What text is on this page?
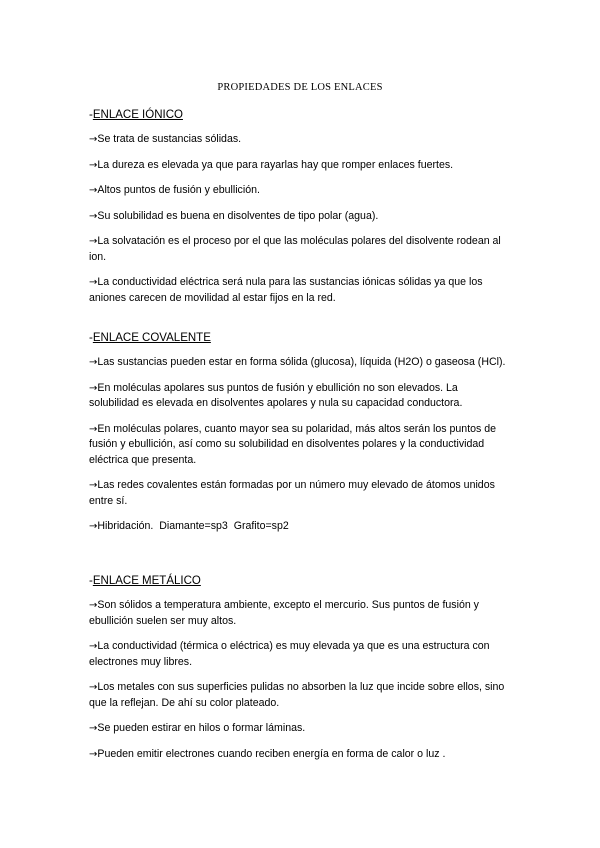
PROPIEDADES DE LOS ENLACES

-ENLACE IÓNICO

→Se trata de sustancias sólidas.

→La dureza es elevada ya que para rayarlas hay que romper enlaces fuertes.

→Altos puntos de fusión y ebullición.

→Su solubilidad es buena en disolventes de tipo polar (agua).

→La solvatación es el proceso por el que las moléculas polares del disolvente rodean al ion.

→La conductividad eléctrica será nula para las sustancias iónicas sólidas ya que los aniones carecen de movilidad al estar fijos en la red.

-ENLACE COVALENTE

→Las sustancias pueden estar en forma sólida (glucosa), líquida (H2O) o gaseosa (HCl).

→En moléculas apolares sus puntos de fusión y ebullición no son elevados. La solubilidad es elevada en disolventes apolares y nula su capacidad conductora.

→En moléculas polares, cuanto mayor sea su polaridad, más altos serán los puntos de fusión y ebullición, así como su solubilidad en disolventes polares y la conductividad eléctrica que presenta.

→Las redes covalentes están formadas por un número muy elevado de átomos unidos entre sí.

→Hibridación.  Diamante=sp3  Grafito=sp2

-ENLACE METÁLICO

→Son sólidos a temperatura ambiente, excepto el mercurio. Sus puntos de fusión y ebullición suelen ser muy altos.

→La conductividad (térmica o eléctrica) es muy elevada ya que es una estructura con electrones muy libres.

→Los metales con sus superficies pulidas no absorben la luz que incide sobre ellos, sino que la reflejan. De ahí su color plateado.

→Se pueden estirar en hilos o formar láminas.

→Pueden emitir electrones cuando reciben energía en forma de calor o luz .
